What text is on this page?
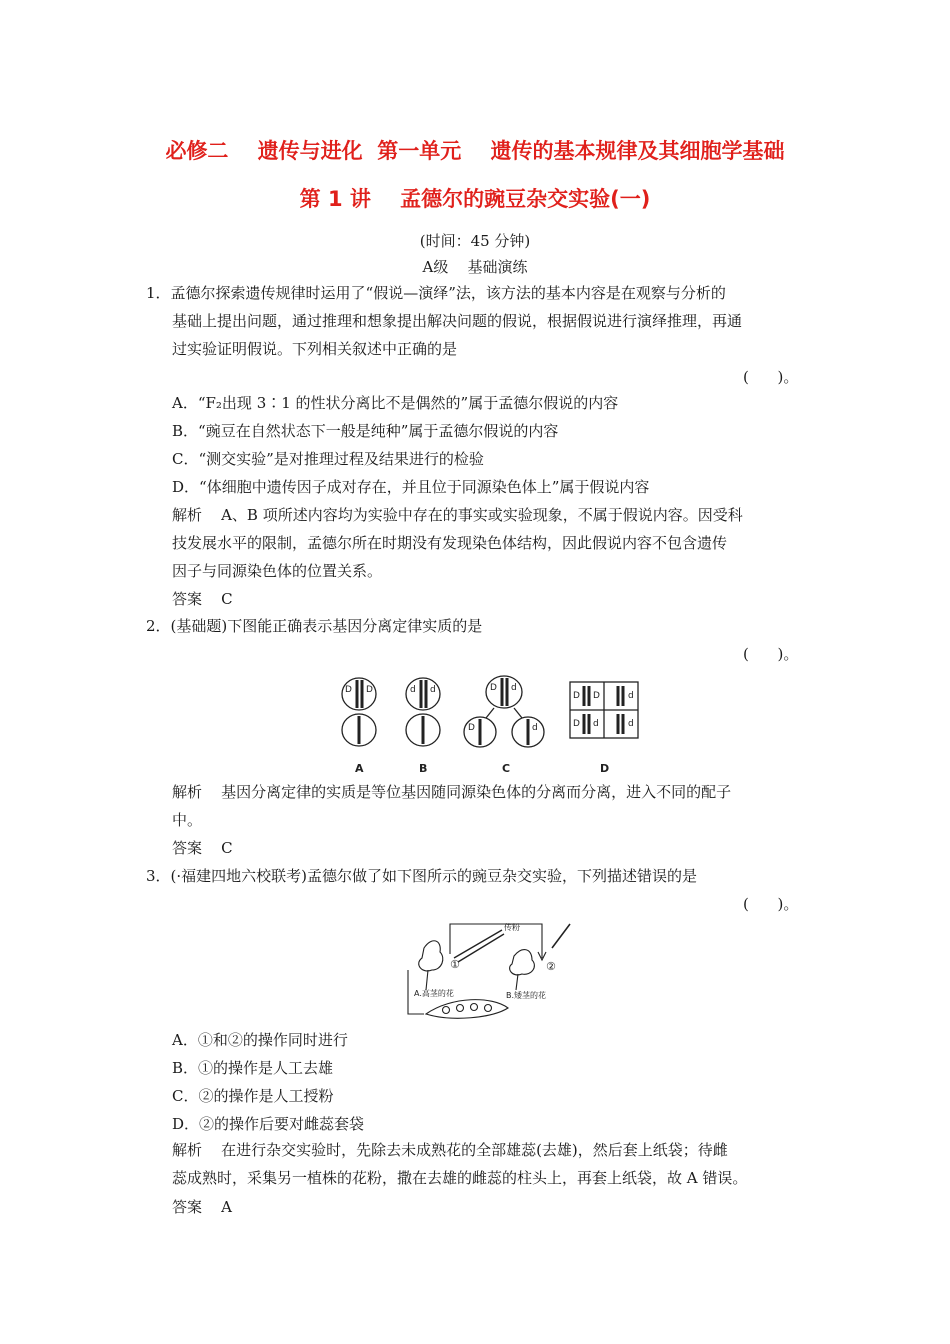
必修二    遗传与进化  第一单元    遗传的基本规律及其细胞学基础
第 1 讲    孟德尔的豌豆杂交实验(一)
(时间：45 分钟)
A级    基础演练
1．孟德尔探索遗传规律时运用了“假说—演绎”法，该方法的基本内容是在观察与分析的
基础上提出问题，通过推理和想象提出解决问题的假说，根据假说进行演绎推理，再通
过实验证明假说。下列相关叙述中正确的是
(      )。
A．“F₂出现 3∶1 的性状分离比不是偶然的”属于孟德尔假说的内容
B．“豌豆在自然状态下一般是纯种”属于孟德尔假说的内容
C．“测交实验”是对推理过程及结果进行的检验
D．“体细胞中遗传因子成对存在，并且位于同源染色体上”属于假说内容
解析    A、B 项所述内容均为实验中存在的事实或实验现象，不属于假说内容。因受科
技发展水平的限制，孟德尔所在时期没有发现染色体结构，因此假说内容不包含遗传
因子与同源染色体的位置关系。
答案    C
2．(基础题)下图能正确表示基因分离定律实质的是
(      )。
D D	d d	D d
D	d
D D	d
D d	d
A	B	C	D
解析    基因分离定律的实质是等位基因随同源染色体的分离而分离，进入不同的配子
中。
答案    C
3．(·福建四地六校联考)孟德尔做了如下图所示的豌豆杂交实验，下列描述错误的是
(      )。
传粉
①	②
A.高茎的花	B.矮茎的花
A．①和②的操作同时进行
B．①的操作是人工去雄
C．②的操作是人工授粉
D．②的操作后要对雌蕊套袋
解析    在进行杂交实验时，先除去未成熟花的全部雄蕊(去雄)，然后套上纸袋；待雌
蕊成熟时，采集另一植株的花粉，撒在去雄的雌蕊的柱头上，再套上纸袋，故 A 错误。
答案    A
